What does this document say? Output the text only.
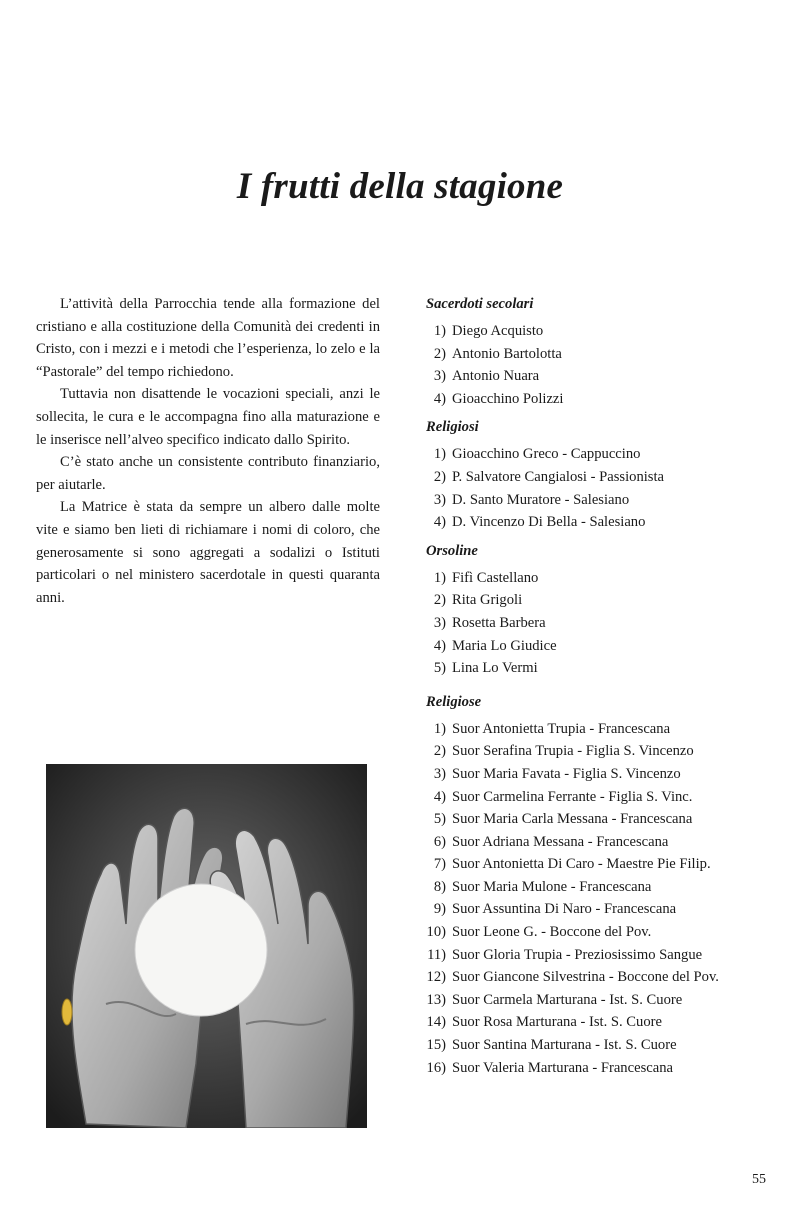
I frutti della stagione

L’attività della Parrocchia tende alla formazione del cristiano e alla costituzione della Comunità dei credenti in Cristo, con i mezzi e i metodi che l’esperienza, lo zelo e la “Pastorale” del tempo richiedono.

Tuttavia non disattende le vocazioni speciali, anzi le sollecita, le cura e le accompagna fino alla maturazione e le inserisce nell’alveo specifico indicato dallo Spirito.

C’è stato anche un consistente contributo finanziario, per aiutarle.

La Matrice è stata da sempre un albero dalle molte vite e siamo ben lieti di richiamare i nomi di coloro, che generosamente si sono aggregati a sodalizi o Istituti particolari o nel ministero sacerdotale in questi quaranta anni.

Sacerdoti secolari
1) Diego Acquisto
2) Antonio Bartolotta
3) Antonio Nuara
4) Gioacchino Polizzi
Religiosi
1) Gioacchino Greco - Cappuccino
2) P. Salvatore Cangialosi - Passionista
3) D. Santo Muratore - Salesiano
4) D. Vincenzo Di Bella - Salesiano
Orsoline
1) Fifì Castellano
2) Rita Grigoli
3) Rosetta Barbera
4) Maria Lo Giudice
5) Lina Lo Vermi
Religiose
1) Suor Antonietta Trupia - Francescana
2) Suor Serafina Trupia - Figlia S. Vincenzo
3) Suor Maria Favata - Figlia S. Vincenzo
4) Suor Carmelina Ferrante - Figlia S. Vinc.
5) Suor Maria Carla Messana - Francescana
6) Suor Adriana Messana - Francescana
7) Suor Antonietta Di Caro - Maestre Pie Filip.
8) Suor Maria Mulone - Francescana
9) Suor Assuntina Di Naro - Francescana
10) Suor Leone G. - Boccone del Pov.
11) Suor Gloria Trupia - Preziosissimo Sangue
12) Suor Giancone Silvestrina - Boccone del Pov.
13) Suor Carmela Marturana - Ist. S. Cuore
14) Suor Rosa Marturana - Ist. S. Cuore
15) Suor Santina Marturana - Ist. S. Cuore
16) Suor Valeria Marturana - Francescana
55
